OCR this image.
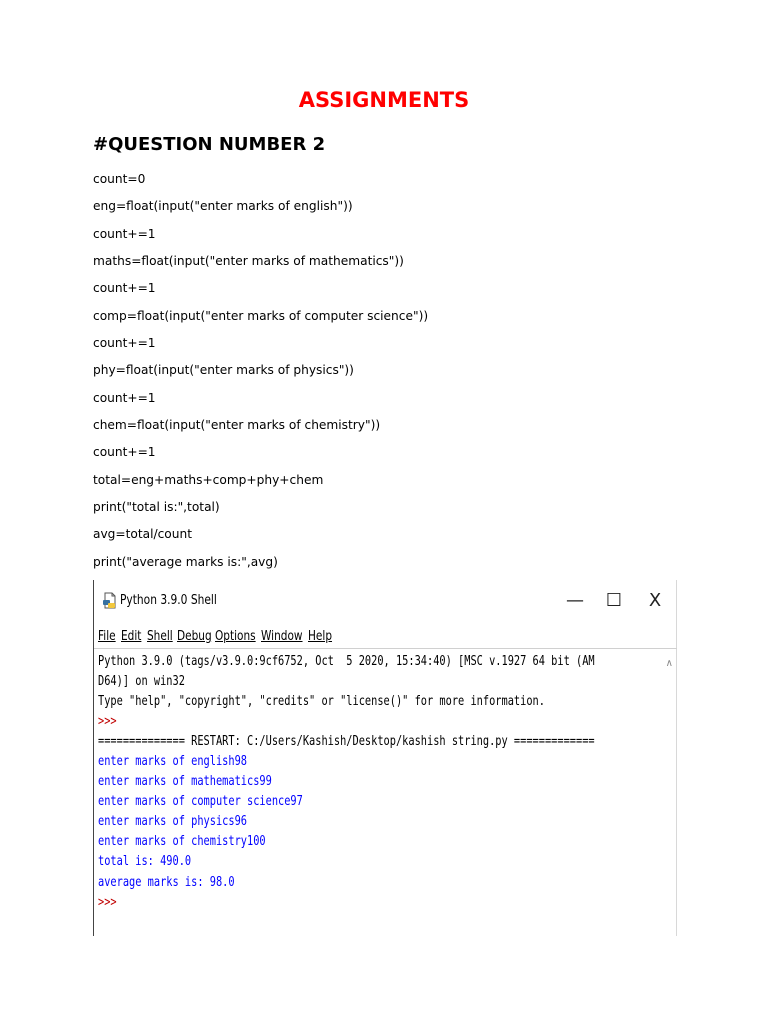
ASSIGNMENTS
#QUESTION NUMBER 2
count=0
eng=float(input("enter marks of english"))
count+=1
maths=float(input("enter marks of mathematics"))
count+=1
comp=float(input("enter marks of computer science"))
count+=1
phy=float(input("enter marks of physics"))
count+=1
chem=float(input("enter marks of chemistry"))
count+=1
total=eng+maths+comp+phy+chem
print("total is:",total)
avg=total/count
print("average marks is:",avg)
Python 3.9.0 Shell	—	☐	X
File Edit Shell Debug Options Window Help
Python 3.9.0 (tags/v3.9.0:9cf6752, Oct  5 2020, 15:34:40) [MSC v.1927 64 bit (AM
D64)] on win32
Type "help", "copyright", "credits" or "license()" for more information.
>>>
============== RESTART: C:/Users/Kashish/Desktop/kashish string.py =============
enter marks of english98
enter marks of mathematics99
enter marks of computer science97
enter marks of physics96
enter marks of chemistry100
total is: 490.0
average marks is: 98.0
>>>
∧
